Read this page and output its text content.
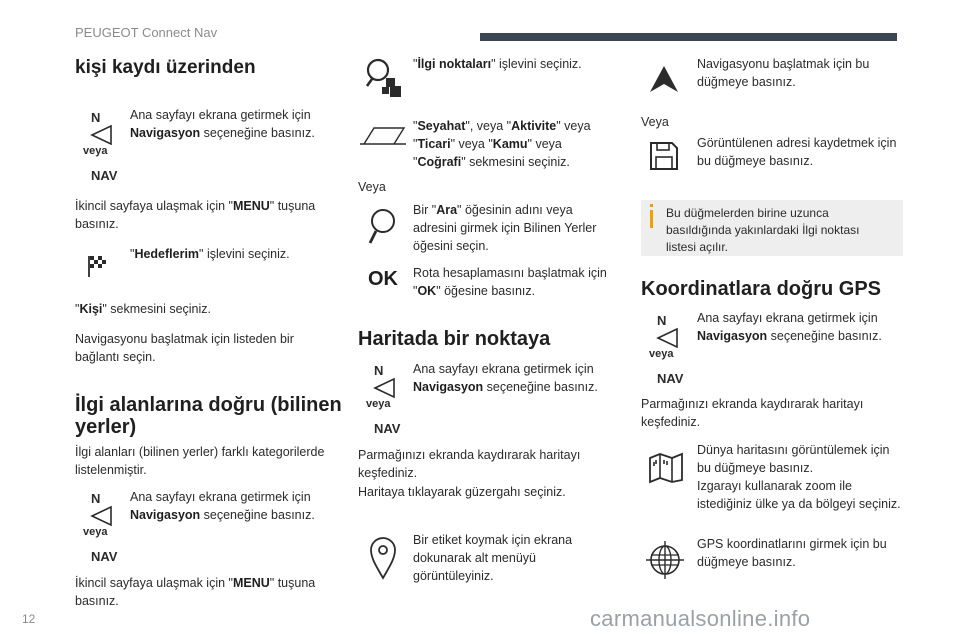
PEUGEOT Connect Nav
12	carmanualsonline.info
kişi kaydı üzerinden
N
veya
NAV
Ana sayfayı ekrana getirmek için
Navigasyon seçeneğine basınız.
İkincil sayfaya ulaşmak için "MENU" tuşuna
basınız.
"Hedeflerim" işlevini seçiniz.
"Kişi" sekmesini seçiniz.
Navigasyonu başlatmak için listeden bir
bağlantı seçin.
İlgi alanlarına doğru (bilinen
yerler)
İlgi alanları (bilinen yerler) farklı kategorilerde
listelenmiştir.
N
veya
NAV
Ana sayfayı ekrana getirmek için
Navigasyon seçeneğine basınız.
İkincil sayfaya ulaşmak için "MENU" tuşuna
basınız.
"İlgi noktaları" işlevini seçiniz.
"Seyahat", veya "Aktivite" veya
"Ticari" veya "Kamu" veya
"Coğrafi" sekmesini seçiniz.
Veya
Bir "Ara" öğesinin adını veya
adresini girmek için Bilinen Yerler
öğesini seçin.
OK Rota hesaplamasını başlatmak için
"OK" öğesine basınız.
Haritada bir noktaya
N
veya
NAV
Ana sayfayı ekrana getirmek için
Navigasyon seçeneğine basınız.
Parmağınızı ekranda kaydırarak haritayı
keşfediniz.
Haritaya tıklayarak güzergahı seçiniz.
Bir etiket koymak için ekrana
dokunarak alt menüyü
görüntüleyiniz.
Navigasyonu başlatmak için bu
düğmeye basınız.
Veya
Görüntülenen adresi kaydetmek için
bu düğmeye basınız.
Bu düğmelerden birine uzunca
basıldığında yakınlardaki İlgi noktası
listesi açılır.
Koordinatlara doğru GPS
N
veya
NAV
Ana sayfayı ekrana getirmek için
Navigasyon seçeneğine basınız.
Parmağınızı ekranda kaydırarak haritayı
keşfediniz.
Dünya haritasını görüntülemek için
bu düğmeye basınız.
Izgarayı kullanarak zoom ile
istediğiniz ülke ya da bölgeyi seçiniz.
GPS koordinatlarını girmek için bu
düğmeye basınız.
